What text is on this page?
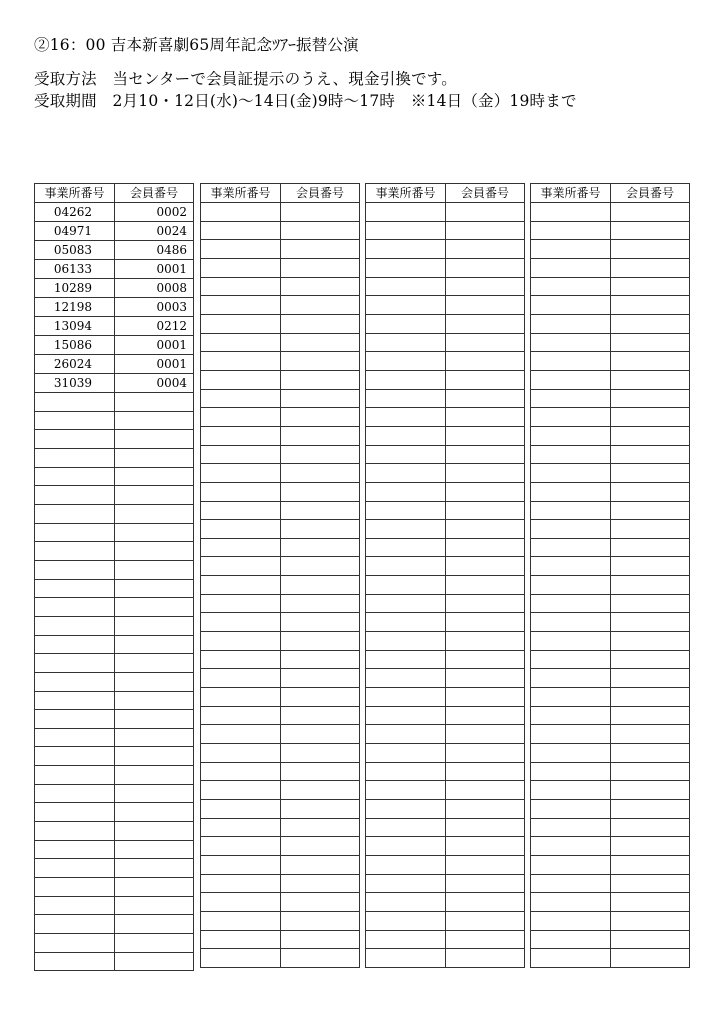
②16：00 吉本新喜劇65周年記念ﾂｱｰ振替公演
受取方法　当センターで会員証提示のうえ、現金引換です。
受取期間　2月10・12日(水)〜14日(金)9時〜17時　※14日（金）19時まで
事業所番号	会員番号
04262	0002
04971	0024
05083	0486
06133	0001
10289	0008
12198	0003
13094	0212
15086	0001
26024	0001
31039	0004

事業所番号	会員番号

		事業所番号	会員番号

		事業所番号	会員番号
